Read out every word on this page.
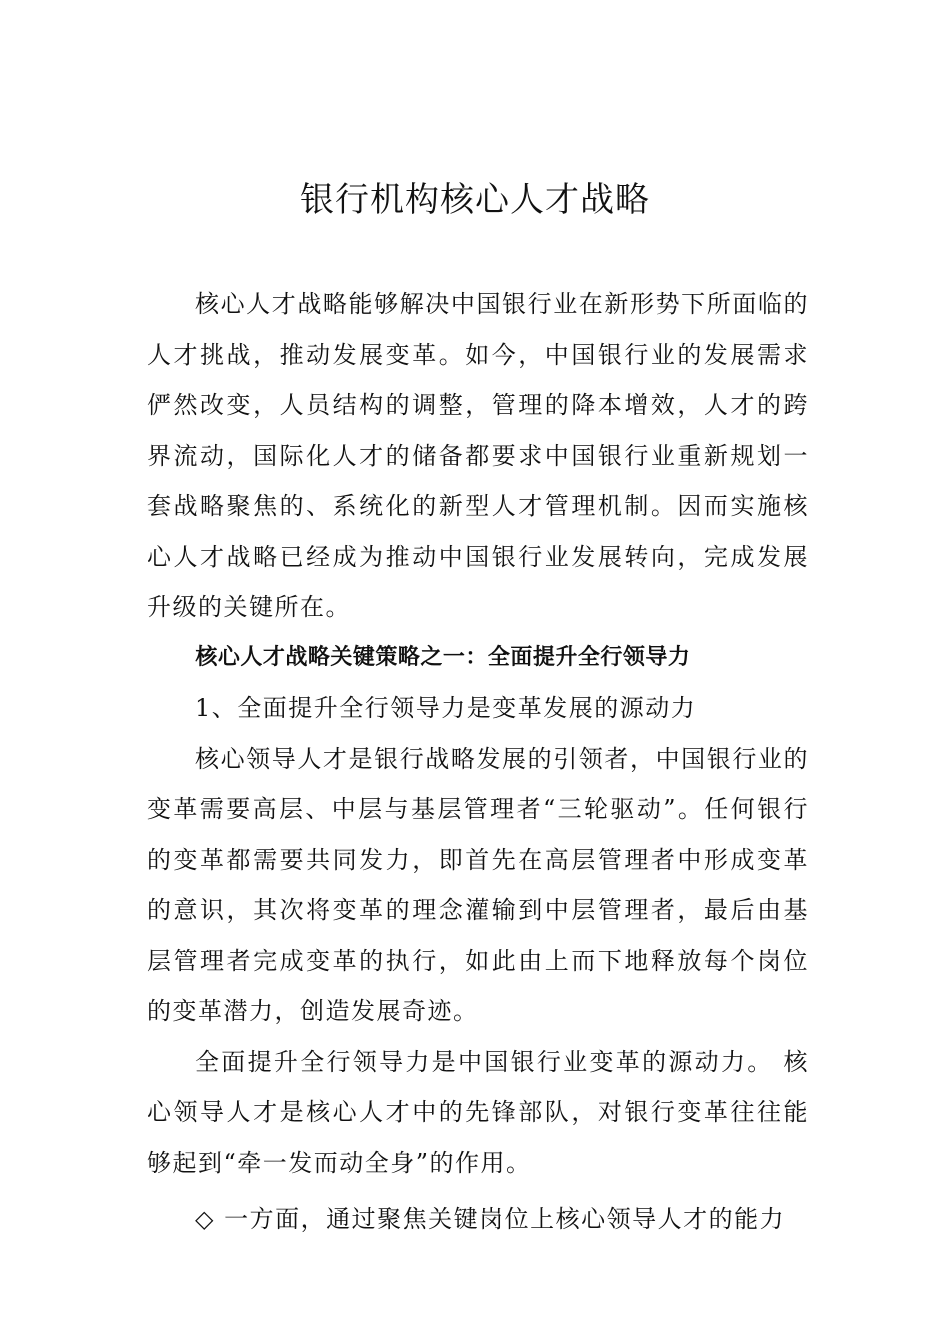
银行机构核心人才战略

核心人才战略能够解决中国银行业在新形势下所面临的人才挑战，推动发展变革。如今，中国银行业的发展需求俨然改变，人员结构的调整，管理的降本增效，人才的跨界流动，国际化人才的储备都要求中国银行业重新规划一套战略聚焦的、系统化的新型人才管理机制。因而实施核心人才战略已经成为推动中国银行业发展转向，完成发展升级的关键所在。

核心人才战略关键策略之一：全面提升全行领导力

1、全面提升全行领导力是变革发展的源动力

核心领导人才是银行战略发展的引领者，中国银行业的变革需要高层、中层与基层管理者“三轮驱动”。任何银行的变革都需要共同发力，即首先在高层管理者中形成变革的意识，其次将变革的理念灌输到中层管理者，最后由基层管理者完成变革的执行，如此由上而下地释放每个岗位的变革潜力，创造发展奇迹。

全面提升全行领导力是中国银行业变革的源动力。 核心领导人才是核心人才中的先锋部队，对银行变革往往能够起到“牵一发而动全身”的作用。

◇ 一方面，通过聚焦关键岗位上核心领导人才的能力
